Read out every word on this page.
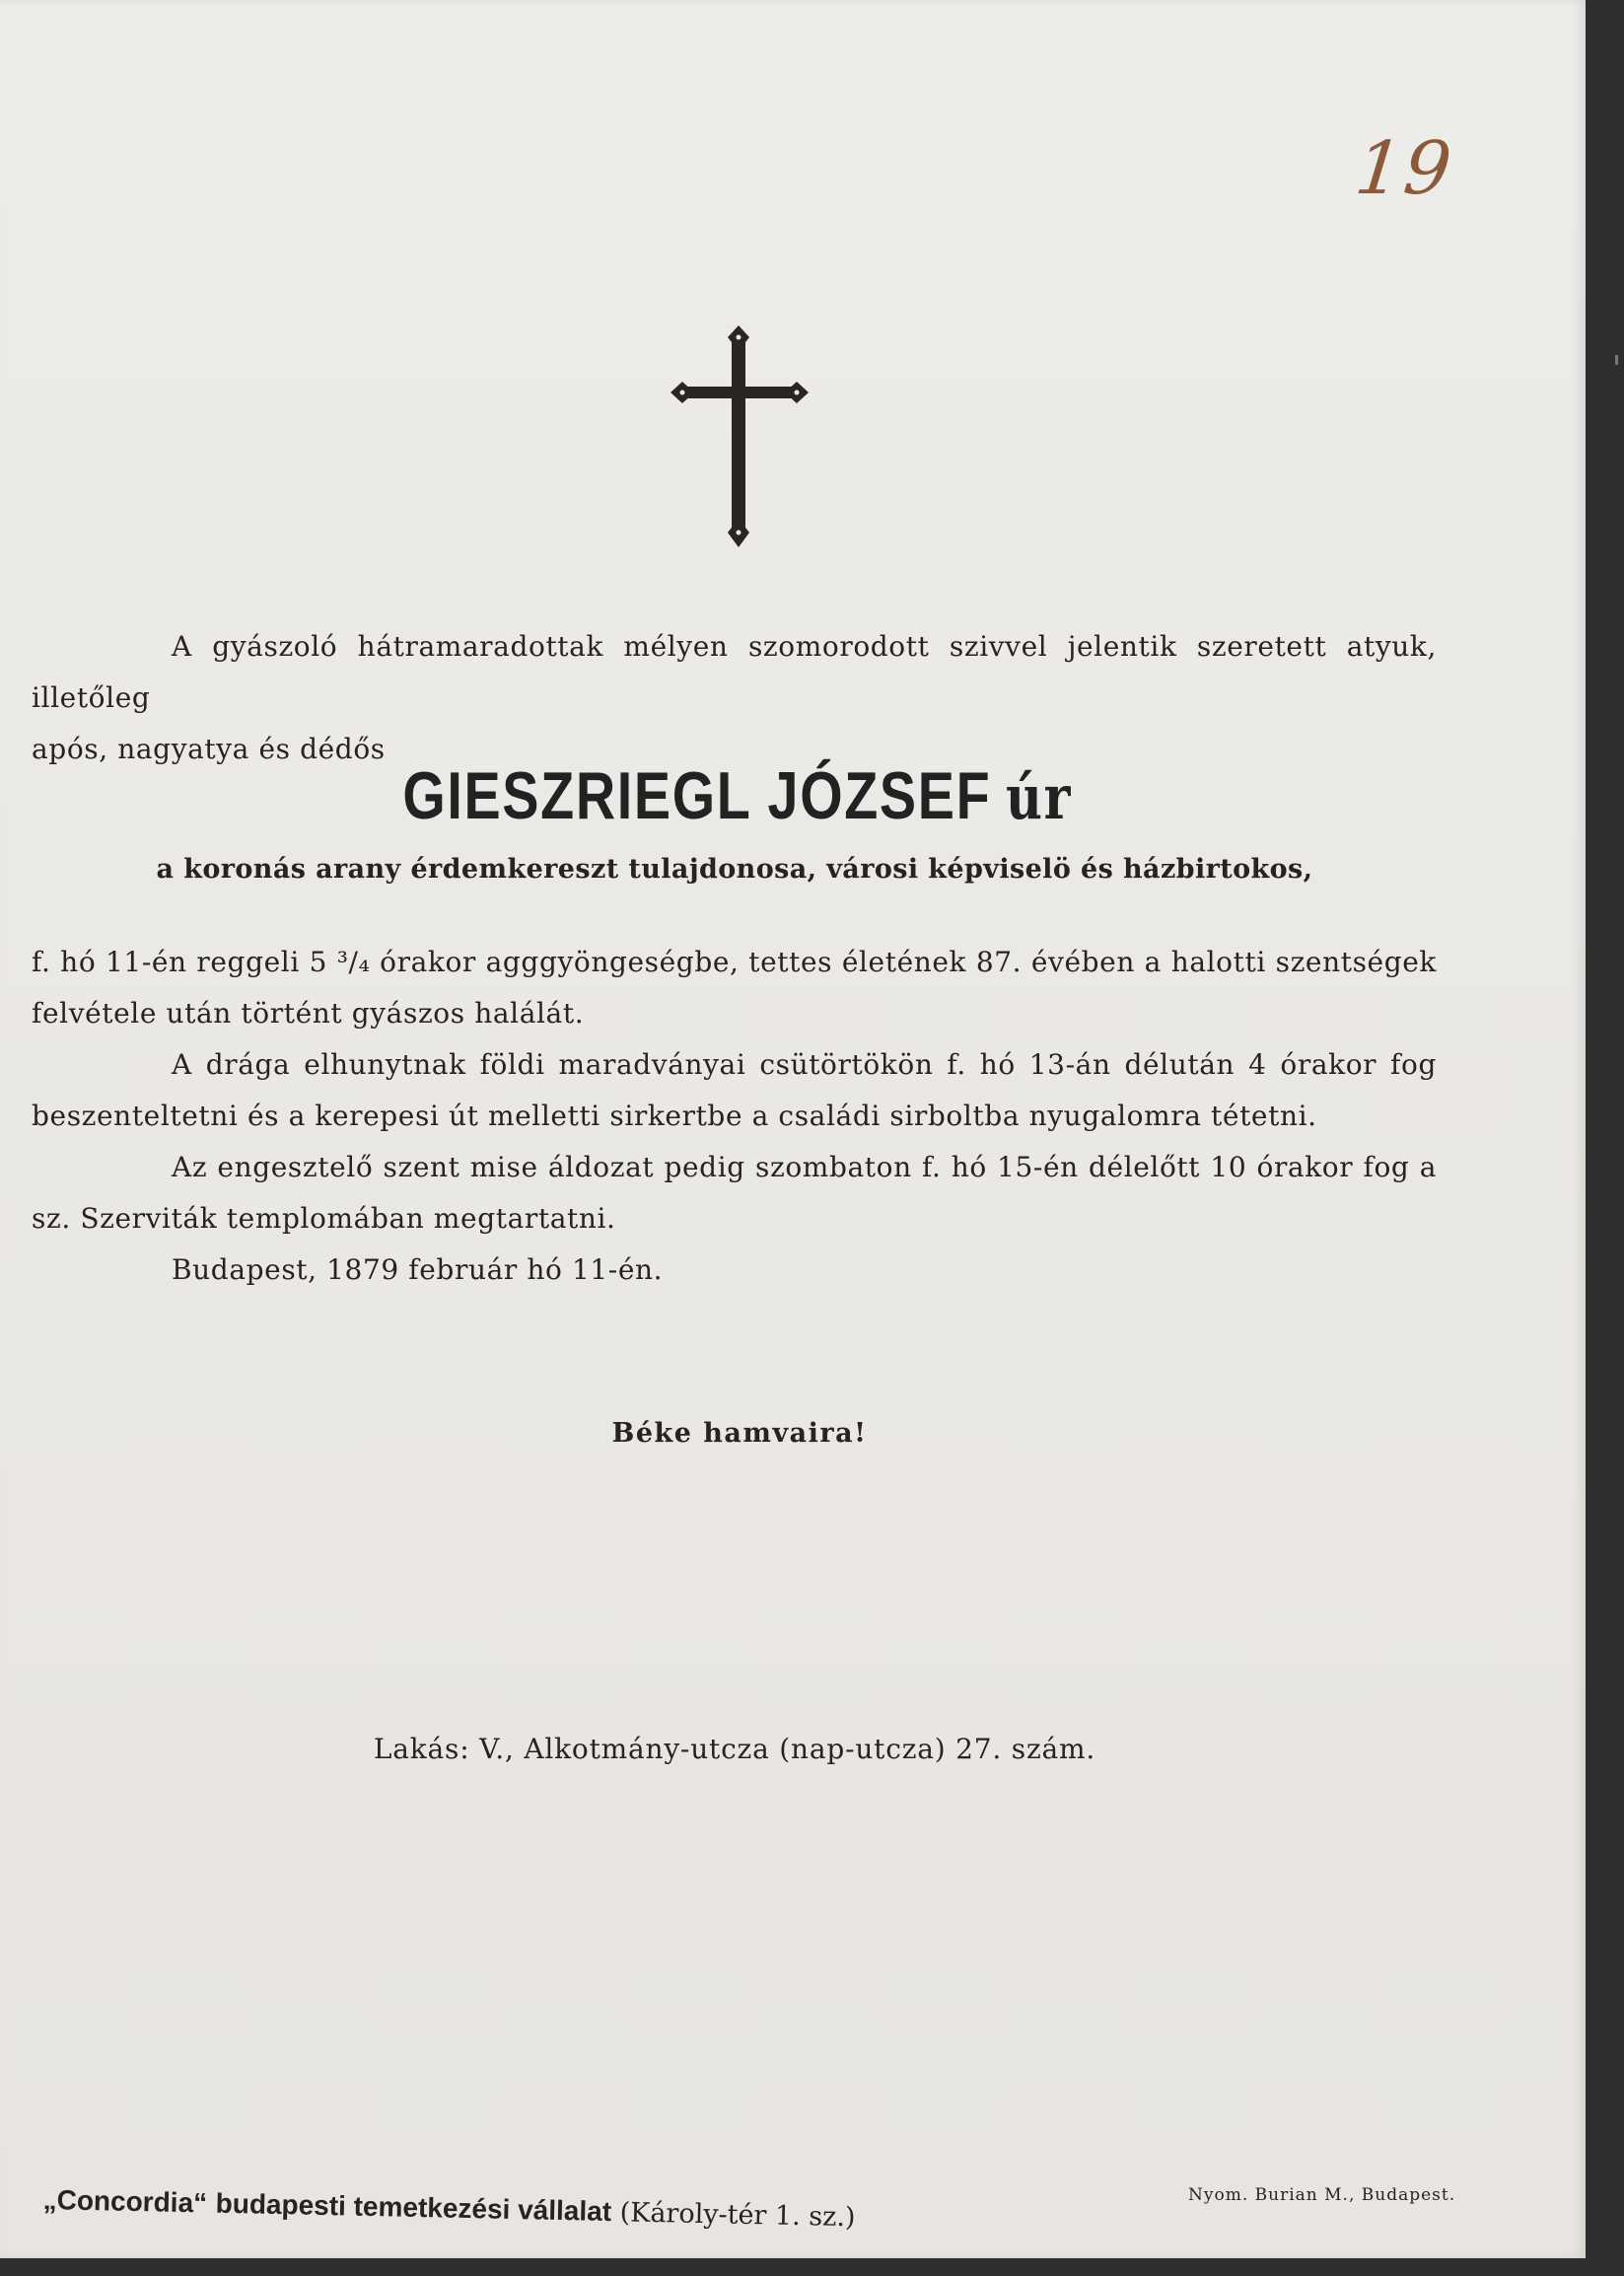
19
A gyászoló hátramaradottak mélyen szomorodott szivvel jelentik szeretett atyuk, illetőleg
após, nagyatya és dédős
GIESZRIEGL JÓZSEF úr
a koronás arany érdemkereszt tulajdonosa, városi képviselö és házbirtokos,

f. hó 11-én reggeli 5 ³/₄ órakor agggyöngeségbe, tettes életének 87. évében a halotti szentségek felvétele után történt gyászos halálát.

A drága elhunytnak földi maradványai csütörtökön f. hó 13-án délután 4 órakor fog beszenteltetni és a kerepesi út melletti sirkertbe a családi sirboltba nyugalomra tétetni.

Az engesztelő szent mise áldozat pedig szombaton f. hó 15-én délelőtt 10 órakor fog a sz. Szerviták templomában megtartatni.

Budapest, 1879 február hó 11-én.

Béke hamvaira!
Lakás: V., Alkotmány-utcza (nap-utcza) 27. szám.
„Concordia“ budapesti temetkezési vállalat (Károly-tér 1. sz.)
Nyom. Burian M., Budapest.
